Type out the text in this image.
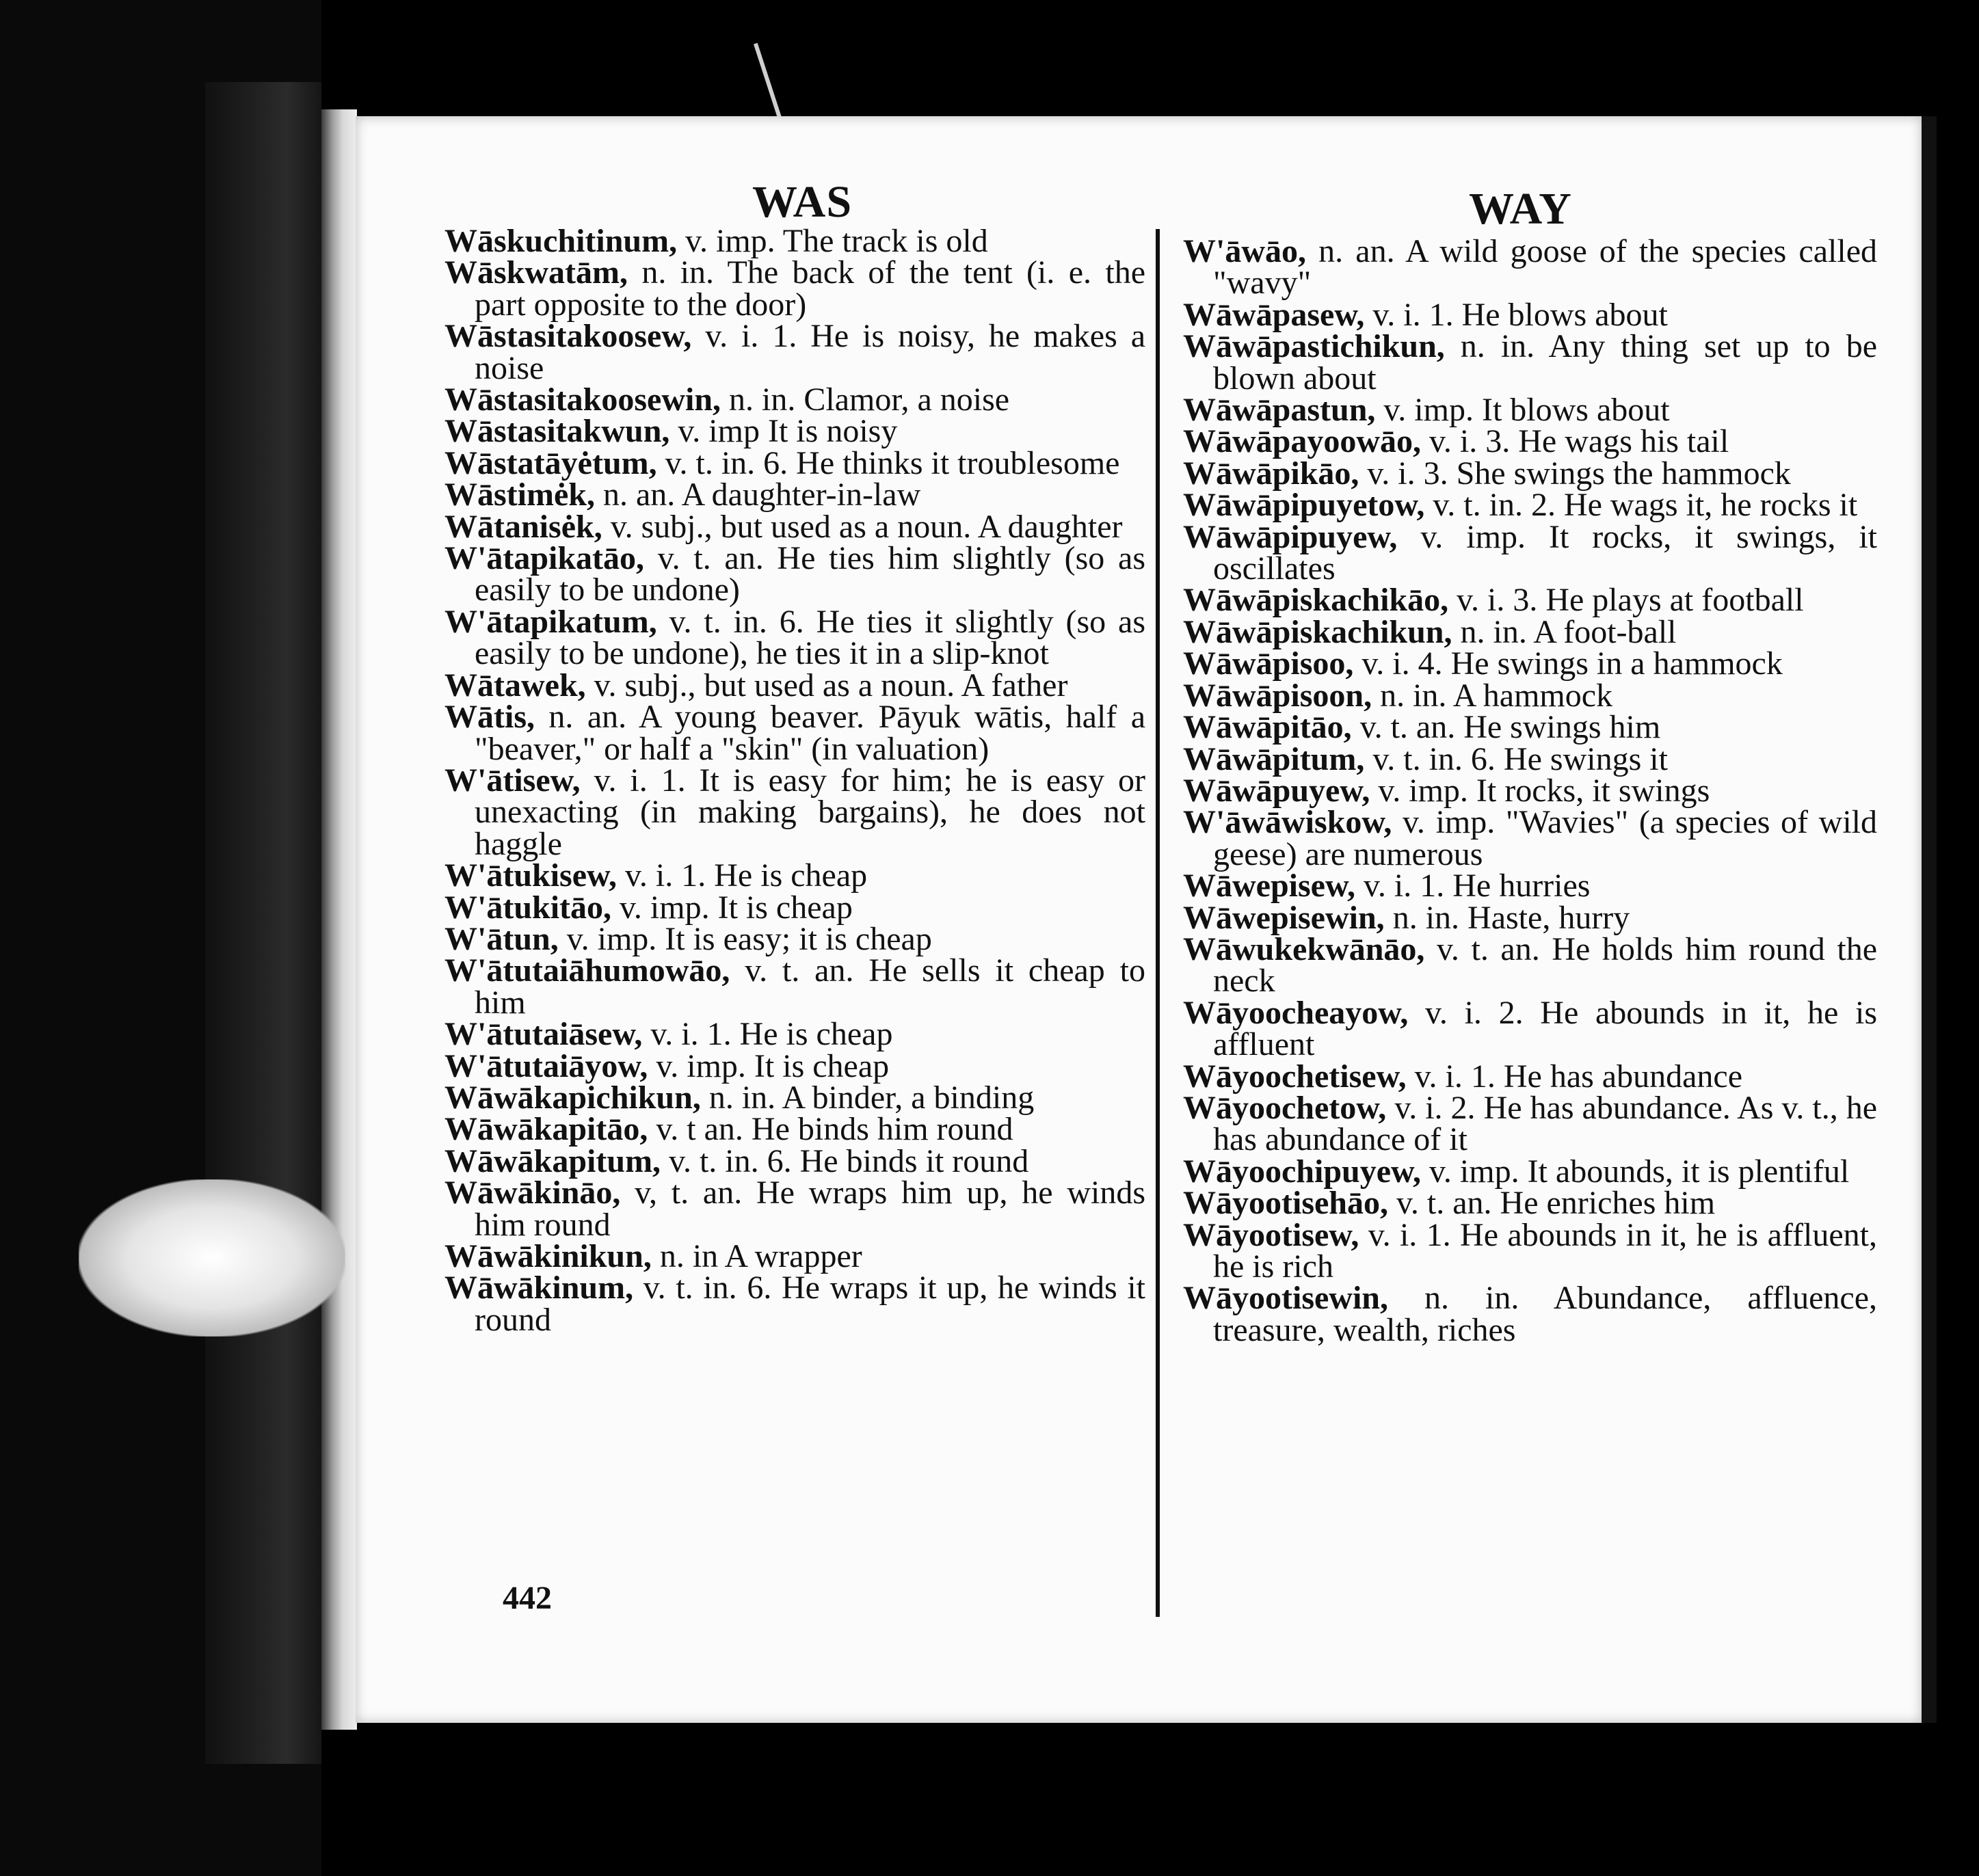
WAS	WAY

Wāskuchitinum, v. imp. The track is old

Wāskwatām, n. in. The back of the tent (i. e. the part opposite to the door)

Wāstasitakoosew, v. i. 1. He is noisy, he makes a noise

Wāstasitakoosewin, n. in. Clamor, a noise

Wāstasitakwun, v. imp It is noisy

Wāstatāyėtum, v. t. in. 6. He thinks it troublesome

Wāstimėk, n. an. A daughter-in-law

Wātanisėk, v. subj., but used as a noun. A daughter

W'ātapikatāo, v. t. an. He ties him slightly (so as easily to be undone)

W'ātapikatum, v. t. in. 6. He ties it slightly (so as easily to be undone), he ties it in a slip-knot

Wātawek, v. subj., but used as a noun. A father

Wātis, n. an. A young beaver. Pāyuk wātis, half a "beaver," or half a "skin" (in valuation)

W'ātisew, v. i. 1. It is easy for him; he is easy or unexacting (in making bargains), he does not haggle

W'ātukisew, v. i. 1. He is cheap

W'ātukitāo, v. imp. It is cheap

W'ātun, v. imp. It is easy; it is cheap

W'ātutaiāhumowāo, v. t. an. He sells it cheap to him

W'ātutaiāsew, v. i. 1. He is cheap

W'ātutaiāyow, v. imp. It is cheap

Wāwākapichikun, n. in. A binder, a binding

Wāwākapitāo, v. t an. He binds him round

Wāwākapitum, v. t. in. 6. He binds it round

Wāwākināo, v, t. an. He wraps him up, he winds him round

Wāwākinikun, n. in A wrapper

Wāwākinum, v. t. in. 6. He wraps it up, he winds it round

W'āwāo, n. an. A wild goose of the species called "wavy"

Wāwāpasew, v. i. 1. He blows about

Wāwāpastichikun, n. in. Any thing set up to be blown about

Wāwāpastun, v. imp. It blows about

Wāwāpayoowāo, v. i. 3. He wags his tail

Wāwāpikāo, v. i. 3. She swings the hammock

Wāwāpipuyetow, v. t. in. 2. He wags it, he rocks it

Wāwāpipuyew, v. imp. It rocks, it swings, it oscillates

Wāwāpiskachikāo, v. i. 3. He plays at football

Wāwāpiskachikun, n. in. A foot-ball

Wāwāpisoo, v. i. 4. He swings in a hammock

Wāwāpisoon, n. in. A hammock

Wāwāpitāo, v. t. an. He swings him

Wāwāpitum, v. t. in. 6. He swings it

Wāwāpuyew, v. imp. It rocks, it swings

W'āwāwiskow, v. imp. "Wavies" (a species of wild geese) are numerous

Wāwepisew, v. i. 1. He hurries

Wāwepisewin, n. in. Haste, hurry

Wāwukekwānāo, v. t. an. He holds him round the neck

Wāyoocheayow, v. i. 2. He abounds in it, he is affluent

Wāyoochetisew, v. i. 1. He has abundance

Wāyoochetow, v. i. 2. He has abundance. As v. t., he has abundance of it

Wāyoochipuyew, v. imp. It abounds, it is plentiful

Wāyootisehāo, v. t. an. He enriches him

Wāyootisew, v. i. 1. He abounds in it, he is affluent, he is rich

Wāyootisewin, n. in. Abundance, affluence, treasure, wealth, riches

442
